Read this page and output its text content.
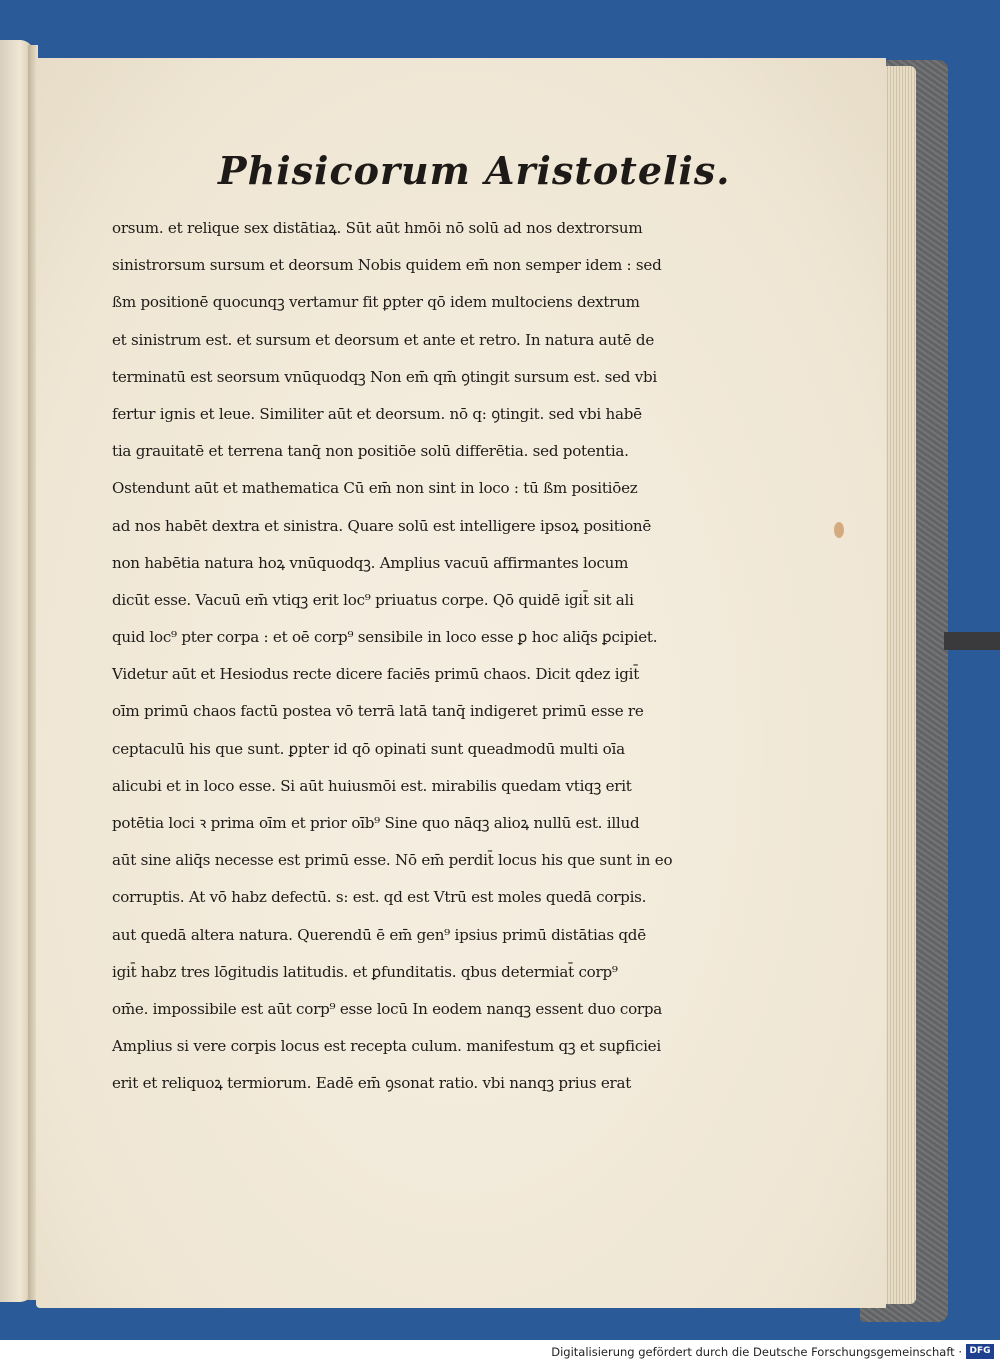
Phisicorum Aristotelis.
orsum. et relique sex distātiaꝝ. Sūt aūt hmōi nō solū ad nos dextrorsum
sinistrorsum sursum et deorsum Nobis quidem em̄ non semper idem : sed
ßm positionē quocunqꝫ vertamur fit ꝑpter qō idem multociens dextrum
et sinistrum est. et sursum et deorsum et ante et retro. In natura autē de
terminatū est seorsum vnūquodqꝫ Non em̄ qm̄ ꝯtingit sursum est. sed vbi
fertur ignis et leue. Similiter aūt et deorsum. nō q: ꝯtingit. sed vbi habē
tia grauitatē et terrena tanq̄ non positiōe solū differētia. sed potentia.
Ostendunt aūt et mathematica Cū em̄ non sint in loco : tū ßm positiōez
ad nos habēt dextra et sinistra. Quare solū est intelligere ipsoꝝ positionē
non habētia natura hoꝝ vnūquodqꝫ. Amplius vacuū affirmantes locum
dicūt esse. Vacuū em̄ vtiqꝫ erit loc⁹ priuatus corpe. Qō quidē igit̄ sit ali
quid loc⁹ pter corpa : et oē corp⁹ sensibile in loco esse ꝑ hoc aliq̄s ꝑcipiet.
Videtur aūt et Hesiodus recte dicere faciēs primū chaos. Dicit qdez igit̄
oīm primū chaos factū postea vō terrā latā tanq̄ indigeret primū esse re
ceptaculū his que sunt. ꝑpter id qō opinati sunt queadmodū multi oīa
alicubi et in loco esse. Si aūt huiusmōi est. mirabilis quedam vtiqꝫ erit
potētia loci ꝛ prima oīm et prior oīb⁹ Sine quo nāqꝫ alioꝝ nullū est. illud
aūt sine aliq̄s necesse est primū esse. Nō em̄ perdit̄ locus his que sunt in eo
corruptis. At vō habz defectū. s: est. qd est Vtrū est moles quedā corpis.
aut quedā altera natura. Querendū ē em̄ gen⁹ ipsius primū distātias qdē
igit̄ habz tres lōgitudis latitudis. et ꝑfunditatis. qbus determiat̄ corp⁹
om̄e. impossibile est aūt corp⁹ esse locū In eodem nanqꝫ essent duo corpa
Amplius si vere corpis locus est recepta culum. manifestum qꝫ et suꝑficiei
erit et reliquoꝝ termiorum. Eadē em̄ ꝯsonat ratio. vbi nanqꝫ prius erat
Digitalisierung gefördert durch die Deutsche Forschungsgemeinschaft · DFG
